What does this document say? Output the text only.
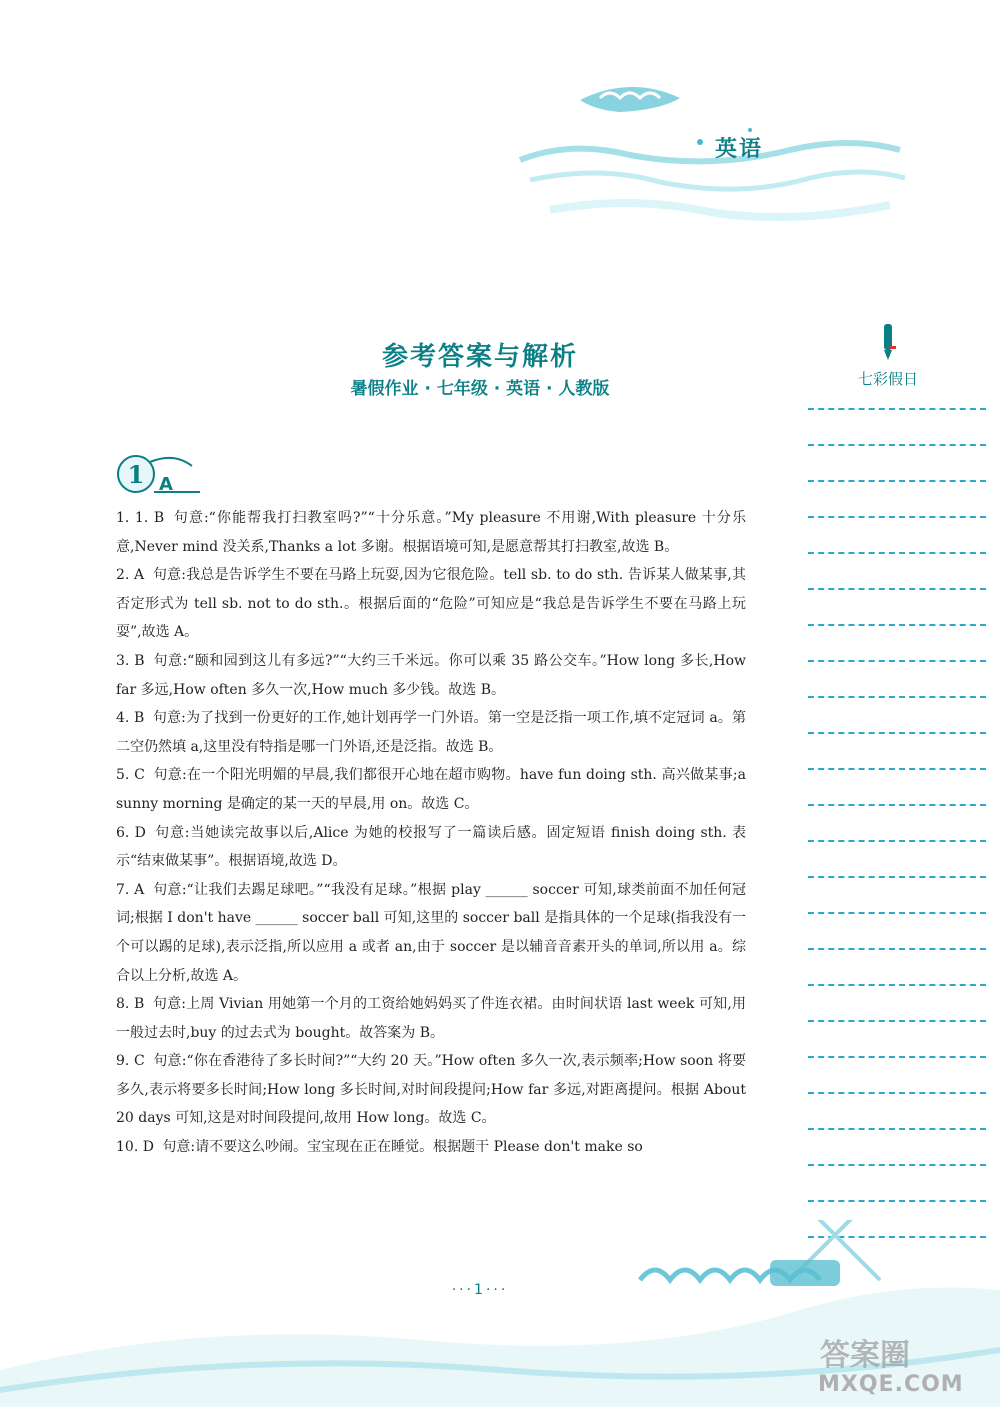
英语
参考答案与解析
暑假作业 · 七年级 · 英语 · 人教版	七彩假日
1 A

1. 1. B 句意:“你能帮我打扫教室吗?”“十分乐意。”My pleasure 不用谢,With pleasure 十分乐意,Never mind 没关系,Thanks a lot 多谢。根据语境可知,是愿意帮其打扫教室,故选 B。

2. A 句意:我总是告诉学生不要在马路上玩耍,因为它很危险。tell sb. to do sth. 告诉某人做某事,其否定形式为 tell sb. not to do sth.。根据后面的“危险”可知应是“我总是告诉学生不要在马路上玩耍”,故选 A。

3. B 句意:“颐和园到这儿有多远?”“大约三千米远。你可以乘 35 路公交车。”How long 多长,How far 多远,How often 多久一次,How much 多少钱。故选 B。

4. B 句意:为了找到一份更好的工作,她计划再学一门外语。第一空是泛指一项工作,填不定冠词 a。第二空仍然填 a,这里没有特指是哪一门外语,还是泛指。故选 B。

5. C 句意:在一个阳光明媚的早晨,我们都很开心地在超市购物。have fun doing sth. 高兴做某事;a sunny morning 是确定的某一天的早晨,用 on。故选 C。

6. D 句意:当她读完故事以后,Alice 为她的校报写了一篇读后感。固定短语 finish doing sth. 表示“结束做某事”。根据语境,故选 D。

7. A 句意:“让我们去踢足球吧。”“我没有足球。”根据 play ______ soccer 可知,球类前面不加任何冠词;根据 I don't have ______ soccer ball 可知,这里的 soccer ball 是指具体的一个足球(指我没有一个可以踢的足球),表示泛指,所以应用 a 或者 an,由于 soccer 是以辅音音素开头的单词,所以用 a。综合以上分析,故选 A。

8. B 句意:上周 Vivian 用她第一个月的工资给她妈妈买了件连衣裙。由时间状语 last week 可知,用一般过去时,buy 的过去式为 bought。故答案为 B。

9. C 句意:“你在香港待了多长时间?”“大约 20 天。”How often 多久一次,表示频率;How soon 将要多久,表示将要多长时间;How long 多长时间,对时间段提问;How far 多远,对距离提问。根据 About 20 days 可知,这是对时间段提问,故用 How long。故选 C。

10. D 句意:请不要这么吵闹。宝宝现在正在睡觉。根据题干 Please don't make so

···1···
答案圈
MXQE.COM
